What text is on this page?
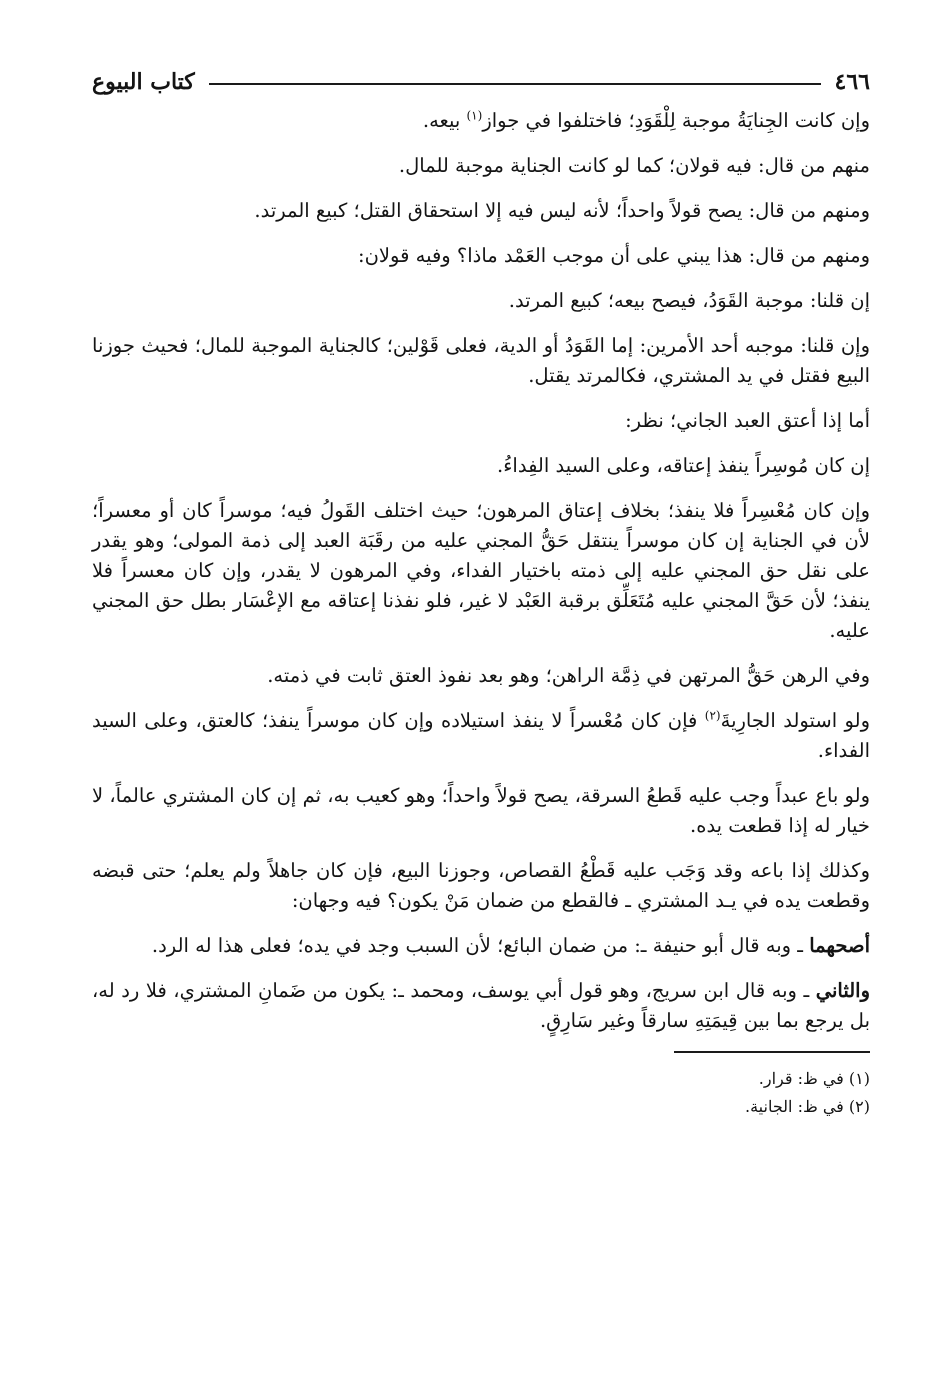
٤٦٦
كتاب البيوع

وإن كانت الجِنايَةُ موجبة لِلْقَوَدِ؛ فاختلفوا في جواز$^{(١)}$ بيعه.

منهم من قال: فيه قولان؛ كما لو كانت الجناية موجبة للمال.

ومنهم من قال: يصح قولاً واحداً؛ لأنه ليس فيه إلا استحقاق القتل؛ كبيع المرتد.

ومنهم من قال: هذا يبني على أن موجب العَمْد ماذا؟ وفيه قولان:

إن قلنا: موجبة القَوَدُ، فيصح بيعه؛ كبيع المرتد.

وإن قلنا: موجبه أحد الأمرين: إما القَوَدُ أو الدية، فعلى قَوْلين؛ كالجناية الموجبة للمال؛ فحيث جوزنا البيع فقتل في يد المشتري، فكالمرتد يقتل.

أما إذا أعتق العبد الجاني؛ نظر:

إن كان مُوسِراً ينفذ إعتاقه، وعلى السيد الفِداءُ.

وإن كان مُعْسِراً فلا ينفذ؛ بخلاف إعتاق المرهون؛ حيث اختلف القَولُ فيه؛ موسراً كان أو معسراً؛ لأن في الجناية إن كان موسراً ينتقل حَقُّ المجني عليه من رقَبَة العبد إلى ذمة المولى؛ وهو يقدر على نقل حق المجني عليه إلى ذمته باختيار الفداء، وفي المرهون لا يقدر، وإن كان معسراً فلا ينفذ؛ لأن حَقَّ المجني عليه مُتَعَلِّق برقبة العَبْد لا غير، فلو نفذنا إعتاقه مع الإعْسَار بطل حق المجني عليه.

وفي الرهن حَقُّ المرتهن في ذِمَّة الراهن؛ وهو بعد نفوذ العتق ثابت في ذمته.

ولو استولد الجارِيةَ$^{(٢)}$ فإن كان مُعْسراً لا ينفذ استيلاده وإن كان موسراً ينفذ؛ كالعتق، وعلى السيد الفداء.

ولو باع عبداً وجب عليه قَطعُ السرقة، يصح قولاً واحداً؛ وهو كعيب به، ثم إن كان المشتري عالماً، لا خيار له إذا قطعت يده.

وكذلك إذا باعه وقد وَجَب عليه قَطْعُ القصاص، وجوزنا البيع، فإن كان جاهلاً ولم يعلم؛ حتى قبضه وقطعت يده في يـد المشتري ـ فالقطع من ضمان مَنْ يكون؟ فيه وجهان:

أصحهما ـ وبه قال أبو حنيفة ـ: من ضمان البائع؛ لأن السبب وجد في يده؛ فعلى هذا له الرد.

والثاني ـ وبه قال ابن سريج، وهو قول أبي يوسف، ومحمد ـ: يكون من ضَمانِ المشتري، فلا رد له، بل يرجع بما بين قِيمَتِهِ سارقاً وغير سَارِقٍ.

(١) في ظ: قرار.

(٢) في ظ: الجانية.
